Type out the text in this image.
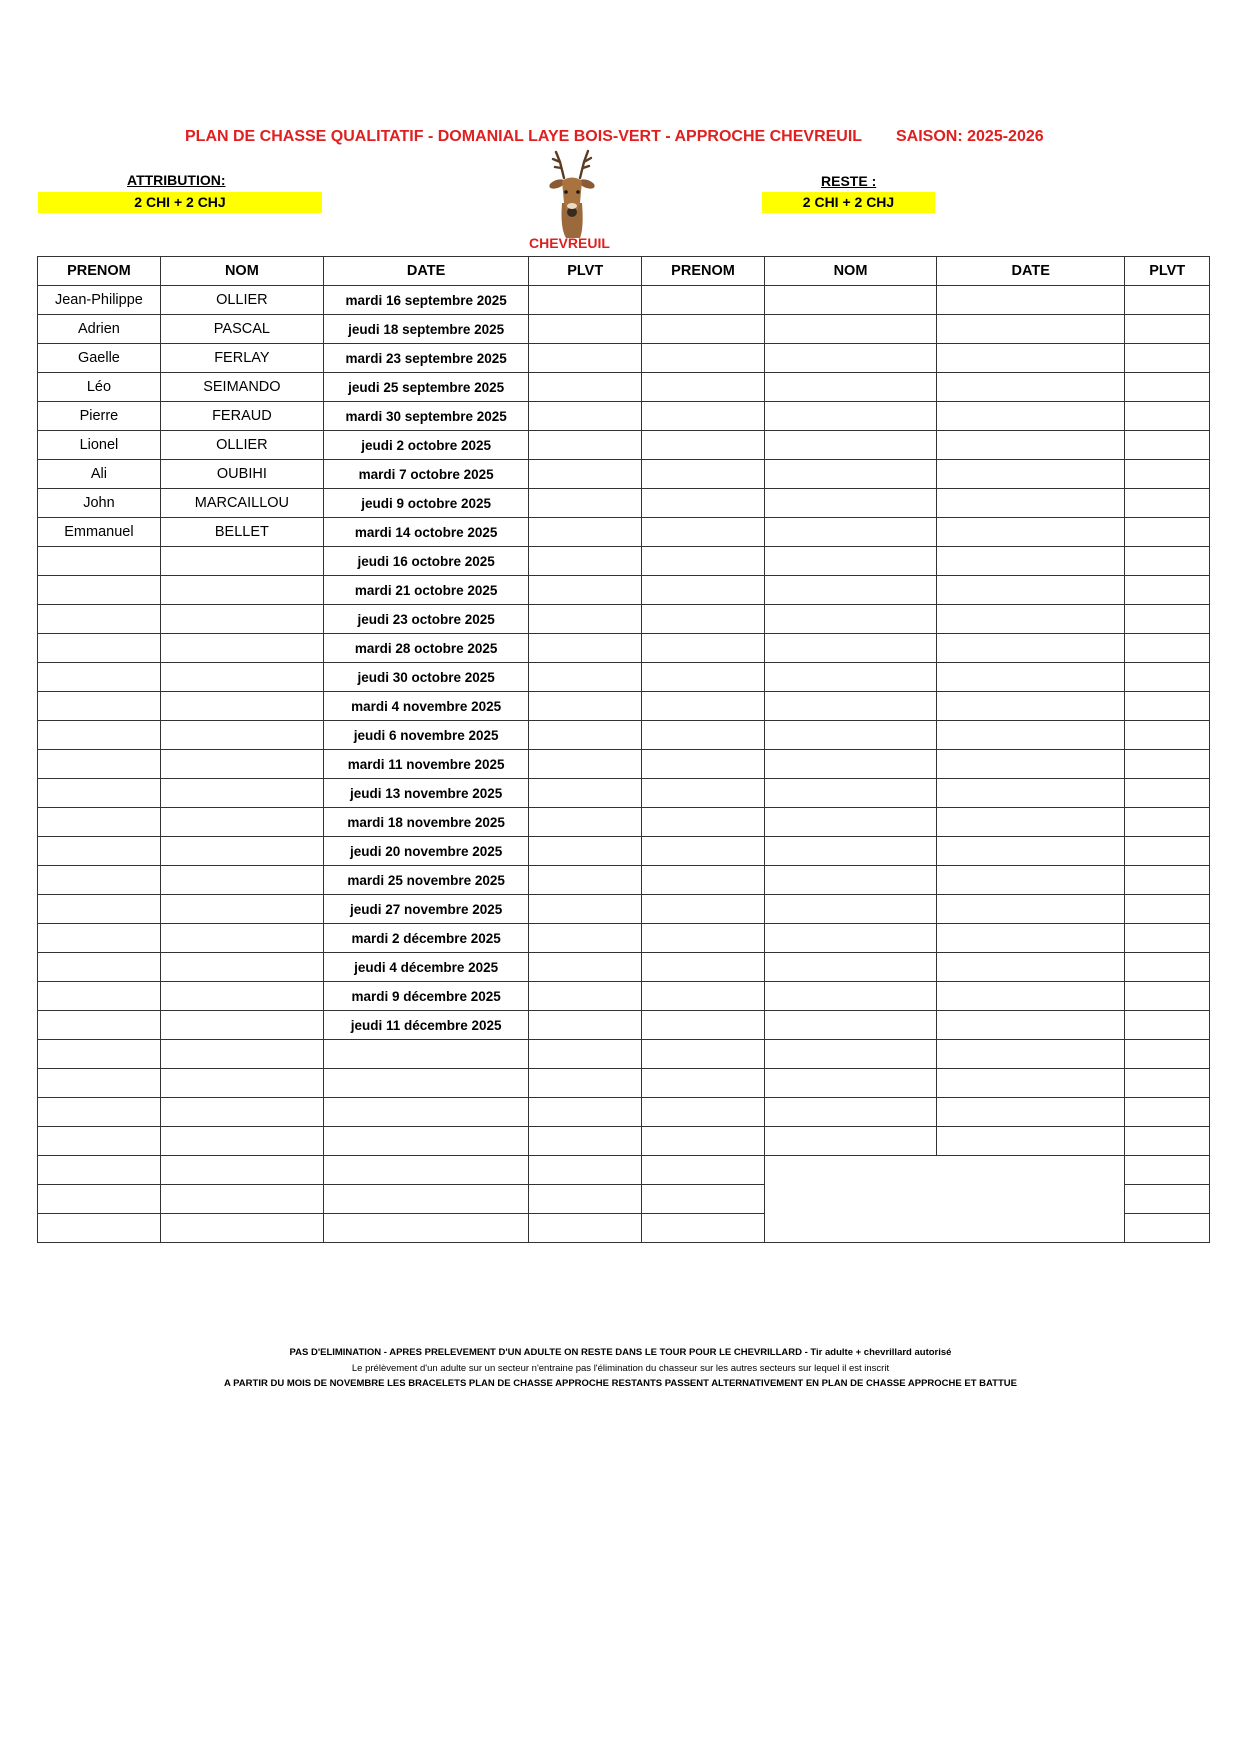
PLAN DE CHASSE QUALITATIF - DOMANIAL LAYE BOIS-VERT - APPROCHE CHEVREUIL SAISON: 2025-2026
ATTRIBUTION:
2 CHI + 2 CHJ
RESTE :
2 CHI + 2 CHJ
CHEVREUIL
PRENOM	NOM	DATE	PLVT	PRENOM	NOM	DATE	PLVT
Jean-Philippe	OLLIER	mardi 16 septembre 2025					
Adrien	PASCAL	jeudi 18 septembre 2025					
Gaelle	FERLAY	mardi 23 septembre 2025					
Léo	SEIMANDO	jeudi 25 septembre 2025					
Pierre	FERAUD	mardi 30 septembre 2025					
Lionel	OLLIER	jeudi 2 octobre 2025					
Ali	OUBIHI	mardi 7 octobre 2025					
John	MARCAILLOU	jeudi 9 octobre 2025					
Emmanuel	BELLET	mardi 14 octobre 2025					
		jeudi 16 octobre 2025					
		mardi 21 octobre 2025					
		jeudi 23 octobre 2025					
		mardi 28 octobre 2025					
		jeudi 30 octobre 2025					
		mardi 4 novembre 2025					
		jeudi 6 novembre 2025					
		mardi 11 novembre 2025					
		jeudi 13 novembre 2025					
		mardi 18 novembre 2025					
		jeudi 20 novembre 2025					
		mardi 25 novembre 2025					
		jeudi 27 novembre 2025					
		mardi 2 décembre 2025					
		jeudi 4 décembre 2025					
		mardi 9 décembre 2025					
		jeudi 11 décembre 2025					

PAS D'ELIMINATION - APRES PRELEVEMENT D'UN ADULTE ON RESTE DANS LE TOUR POUR LE CHEVRILLARD - Tir adulte + chevrillard autorisé
Le prélèvement d'un adulte sur un secteur n'entraine pas l'élimination du chasseur sur les autres secteurs sur lequel il est inscrit
A PARTIR DU MOIS DE NOVEMBRE LES BRACELETS PLAN DE CHASSE APPROCHE RESTANTS PASSENT ALTERNATIVEMENT EN PLAN DE CHASSE APPROCHE ET BATTUE
